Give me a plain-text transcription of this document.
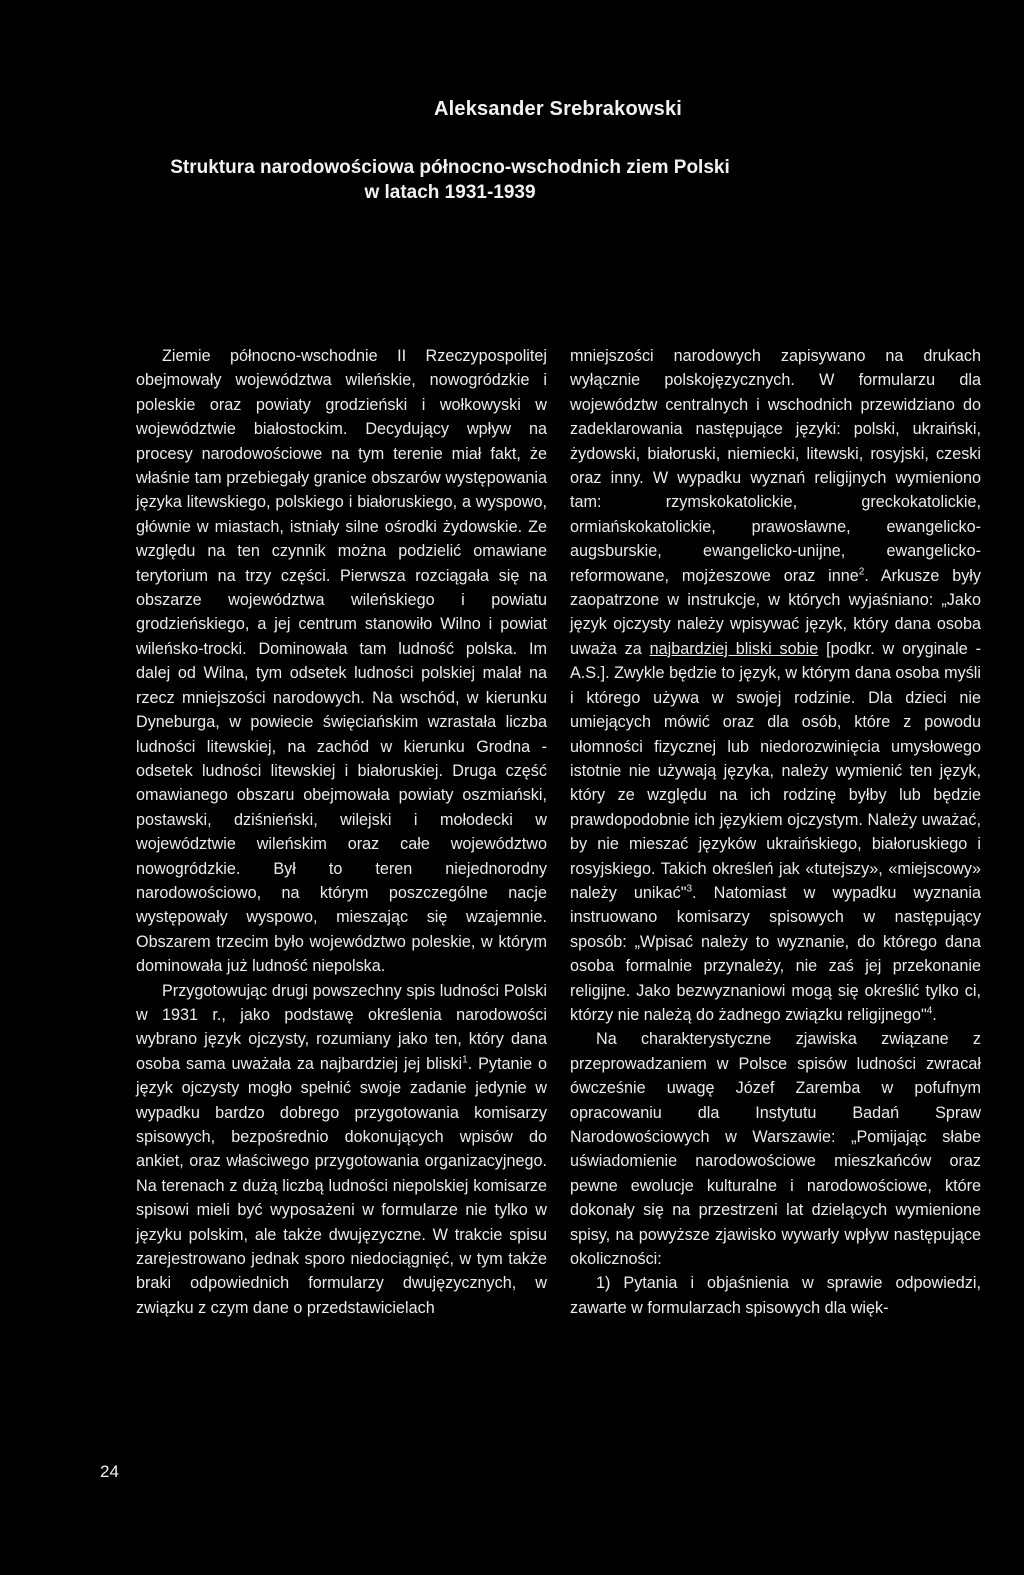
Aleksander Srebrakowski
Struktura narodowościowa północno-wschodnich ziem Polski
w latach 1931-1939

Ziemie północno-wschodnie II Rzeczypospolitej obejmowały województwa wileńskie, nowogródzkie i poleskie oraz powiaty grodzieński i wołkowyski w województwie białostockim. Decydujący wpływ na procesy narodowościowe na tym terenie miał fakt, że właśnie tam przebiegały granice obszarów występowania języka litewskiego, polskiego i białoruskiego, a wyspowo, głównie w miastach, istniały silne ośrodki żydowskie. Ze względu na ten czynnik można podzielić omawiane terytorium na trzy części. Pierwsza rozciągała się na obszarze województwa wileńskiego i powiatu grodzieńskiego, a jej centrum stanowiło Wilno i powiat wileńsko-trocki. Dominowała tam ludność polska. Im dalej od Wilna, tym odsetek ludności polskiej malał na rzecz mniejszości narodowych. Na wschód, w kierunku Dyneburga, w powiecie święciańskim wzrastała liczba ludności litewskiej, na zachód w kierunku Grodna - odsetek ludności litewskiej i białoruskiej. Druga część omawianego obszaru obejmowała powiaty oszmiański, postawski, dziśnieński, wilejski i mołodecki w województwie wileńskim oraz całe województwo nowogródzkie. Był to teren niejednorodny narodowościowo, na którym poszczególne nacje występowały wyspowo, mieszając się wzajemnie. Obszarem trzecim było województwo poleskie, w którym dominowała już ludność niepolska.

Przygotowując drugi powszechny spis ludności Polski w 1931 r., jako podstawę określenia narodowości wybrano język ojczysty, rozumiany jako ten, który dana osoba sama uważała za najbardziej jej bliski$^1$. Pytanie o język ojczysty mogło spełnić swoje zadanie jedynie w wypadku bardzo dobrego przygotowania komisarzy spisowych, bezpośrednio dokonujących wpisów do ankiet, oraz właściwego przygotowania organizacyjnego. Na terenach z dużą liczbą ludności niepolskiej komisarze spisowi mieli być wyposażeni w formularze nie tylko w języku polskim, ale także dwujęzyczne. W trakcie spisu zarejestrowano jednak sporo niedociągnięć, w tym także braki odpowiednich formularzy dwujęzycznych, w związku z czym dane o przedstawicielach

mniejszości narodowych zapisywano na drukach wyłącznie polskojęzycznych. W formularzu dla województw centralnych i wschodnich przewidziano do zadeklarowania następujące języki: polski, ukraiński, żydowski, białoruski, niemiecki, litewski, rosyjski, czeski oraz inny. W wypadku wyznań religijnych wymieniono tam: rzymskokatolickie, greckokatolickie, ormiańskokatolickie, prawosławne, ewangelicko-augsburskie, ewangelicko-unijne, ewangelicko-reformowane, mojżeszowe oraz inne$^2$. Arkusze były zaopatrzone w instrukcje, w których wyjaśniano: „Jako język ojczysty należy wpisywać język, który dana osoba uważa za najbardziej bliski sobie [podkr. w oryginale - A.S.]. Zwykle będzie to język, w którym dana osoba myśli i którego używa w swojej rodzinie. Dla dzieci nie umiejących mówić oraz dla osób, które z powodu ułomności fizycznej lub niedorozwinięcia umysłowego istotnie nie używają języka, należy wymienić ten język, który ze względu na ich rodzinę byłby lub będzie prawdopodobnie ich językiem ojczystym. Należy uważać, by nie mieszać języków ukraińskiego, białoruskiego i rosyjskiego. Takich określeń jak «tutejszy», «miejscowy» należy unikać"$^3$. Natomiast w wypadku wyznania instruowano komisarzy spisowych w następujący sposób: „Wpisać należy to wyznanie, do którego dana osoba formalnie przynależy, nie zaś jej przekonanie religijne. Jako bezwyznaniowi mogą się określić tylko ci, którzy nie należą do żadnego związku religijnego"$^4$.

Na charakterystyczne zjawiska związane z przeprowadzaniem w Polsce spisów ludności zwracał ówcześnie uwagę Józef Zaremba w pofufnym opracowaniu dla Instytutu Badań Spraw Narodowościowych w Warszawie: „Pomijając słabe uświadomienie narodowościowe mieszkańców oraz pewne ewolucje kulturalne i narodowościowe, które dokonały się na przestrzeni lat dzielących wymienione spisy, na powyższe zjawisko wywarły wpływ następujące okoliczności:

1) Pytania i objaśnienia w sprawie odpowiedzi, zawarte w formularzach spisowych dla więk-

24
